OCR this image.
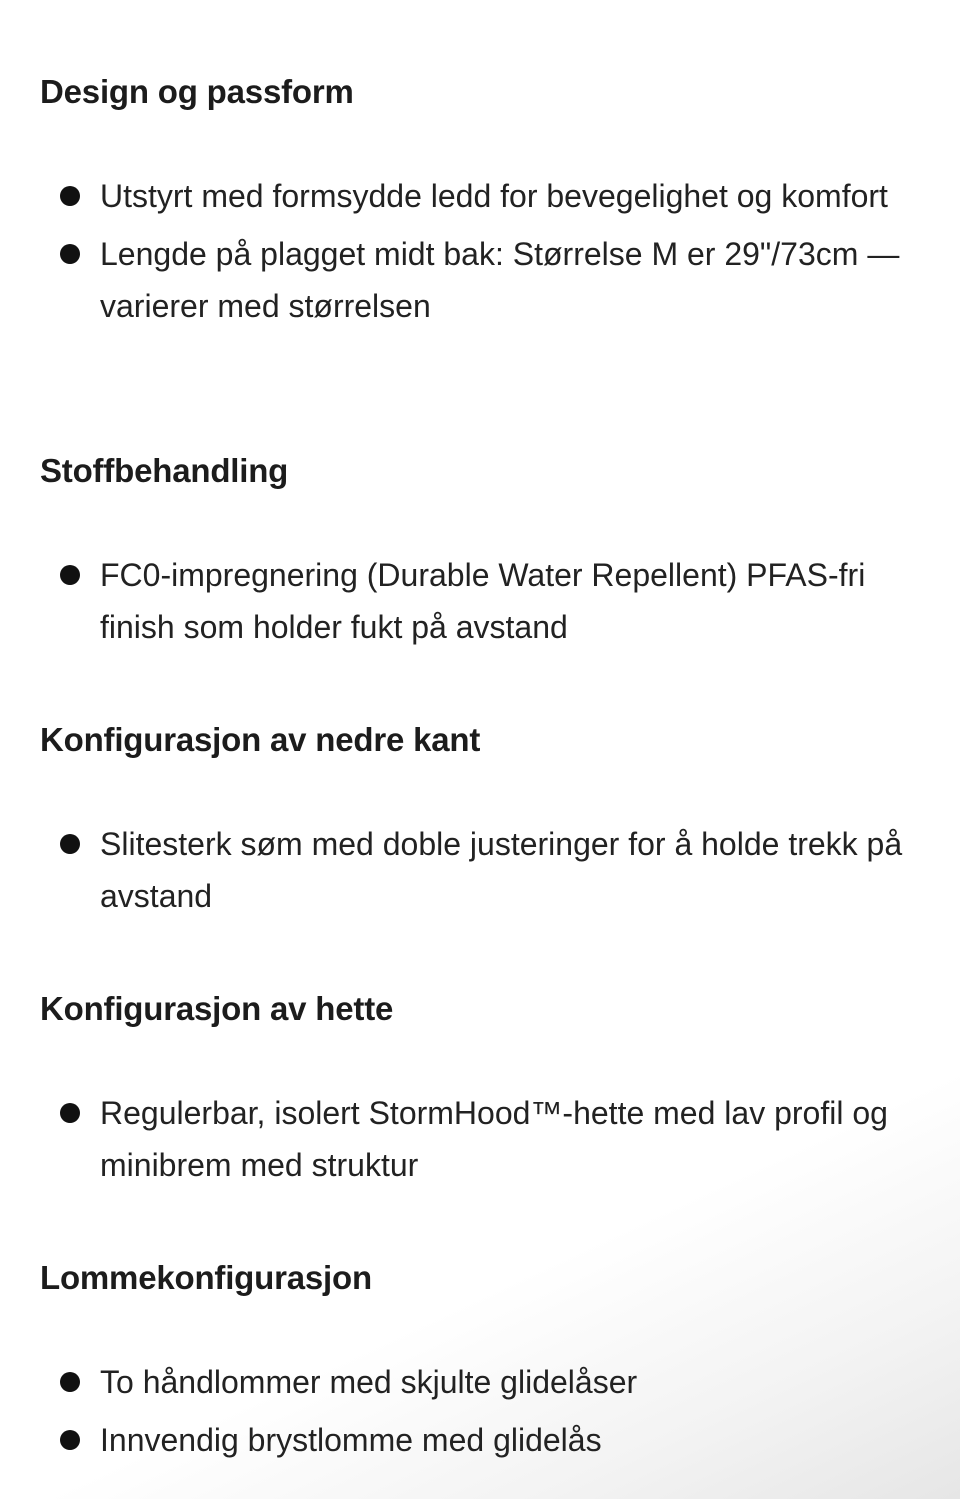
Design og passform
Utstyrt med formsydde ledd for bevegelighet og komfort
Lengde på plagget midt bak: Størrelse M er 29"/73cm — varierer med størrelsen
Stoffbehandling
FC0-impregnering (Durable Water Repellent) PFAS-fri finish som holder fukt på avstand
Konfigurasjon av nedre kant
Slitesterk søm med doble justeringer for å holde trekk på avstand
Konfigurasjon av hette
Regulerbar, isolert StormHood™-hette med lav profil og minibrem med struktur
Lommekonfigurasjon
To håndlommer med skjulte glidelåser
Innvendig brystlomme med glidelås
